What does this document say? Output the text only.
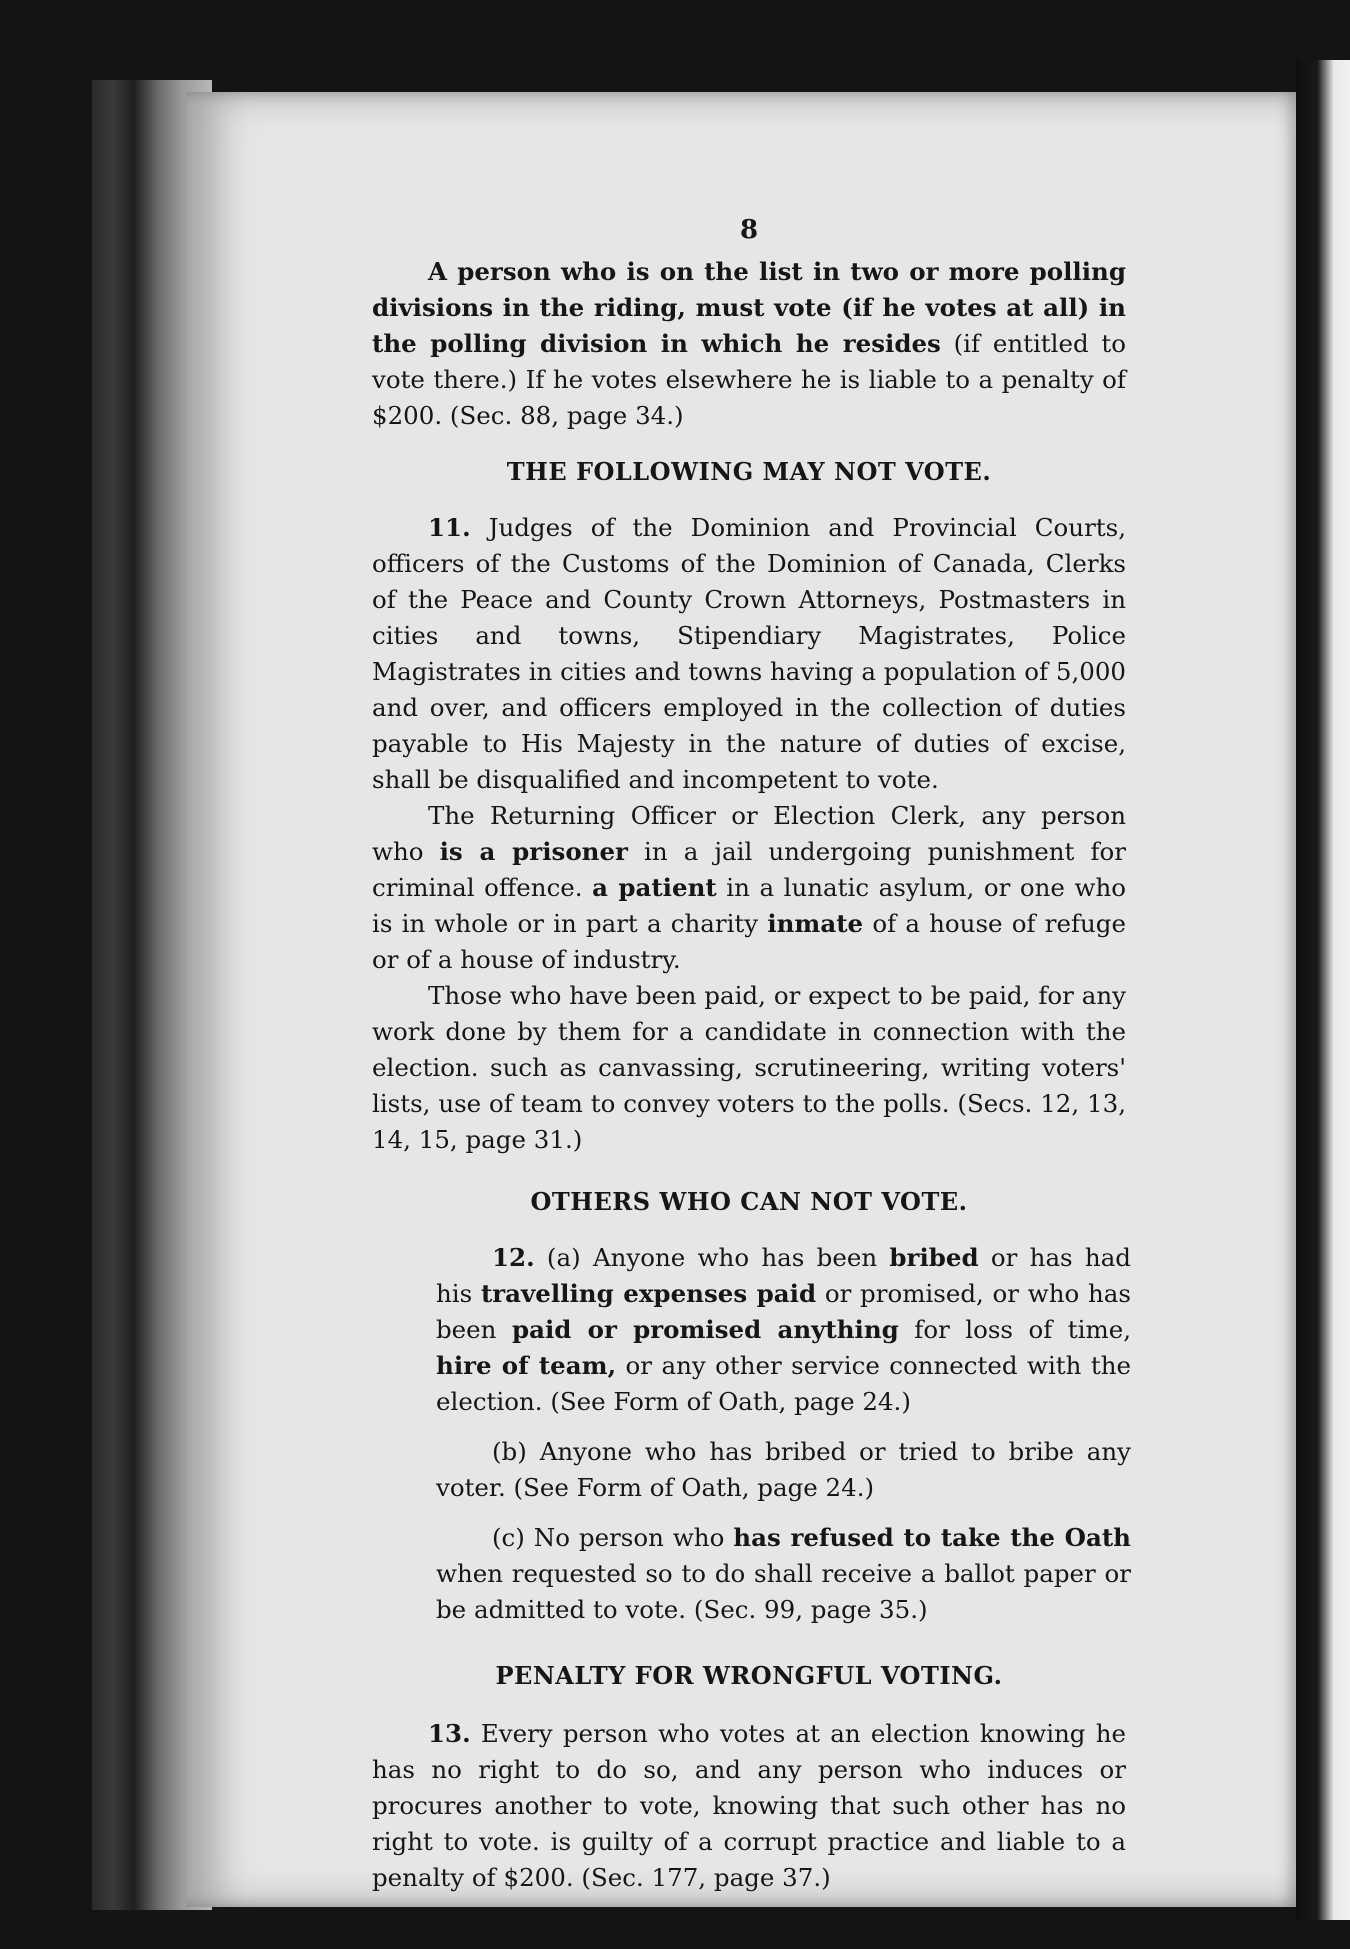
8

A person who is on the list in two or more polling divisions in the riding, must vote (if he votes at all) in the polling division in which he resides (if entitled to vote there.) If he votes elsewhere he is liable to a penalty of $200. (Sec. 88, page 34.)

THE FOLLOWING MAY NOT VOTE.

11. Judges of the Dominion and Provincial Courts, officers of the Customs of the Dominion of Canada, Clerks of the Peace and County Crown Attorneys, Postmasters in cities and towns, Stipendiary Magistrates, Police Magistrates in cities and towns having a population of 5,000 and over, and officers employed in the collection of duties payable to His Majesty in the nature of duties of excise, shall be disqualified and incompetent to vote.

The Returning Officer or Election Clerk, any person who is a prisoner in a jail undergoing punishment for criminal offence. a patient in a lunatic asylum, or one who is in whole or in part a charity inmate of a house of refuge or of a house of industry.

Those who have been paid, or expect to be paid, for any work done by them for a candidate in connection with the election. such as canvassing, scrutineering, writing voters' lists, use of team to convey voters to the polls. (Secs. 12, 13, 14, 15, page 31.)

OTHERS WHO CAN NOT VOTE.

12. (a) Anyone who has been bribed or has had his travelling expenses paid or promised, or who has been paid or promised anything for loss of time, hire of team, or any other service connected with the election. (See Form of Oath, page 24.)

(b) Anyone who has bribed or tried to bribe any voter. (See Form of Oath, page 24.)

(c) No person who has refused to take the Oath when requested so to do shall receive a ballot paper or be admitted to vote. (Sec. 99, page 35.)

PENALTY FOR WRONGFUL VOTING.

13. Every person who votes at an election knowing he has no right to do so, and any person who induces or procures another to vote, knowing that such other has no right to vote. is guilty of a corrupt practice and liable to a penalty of $200. (Sec. 177, page 37.)
